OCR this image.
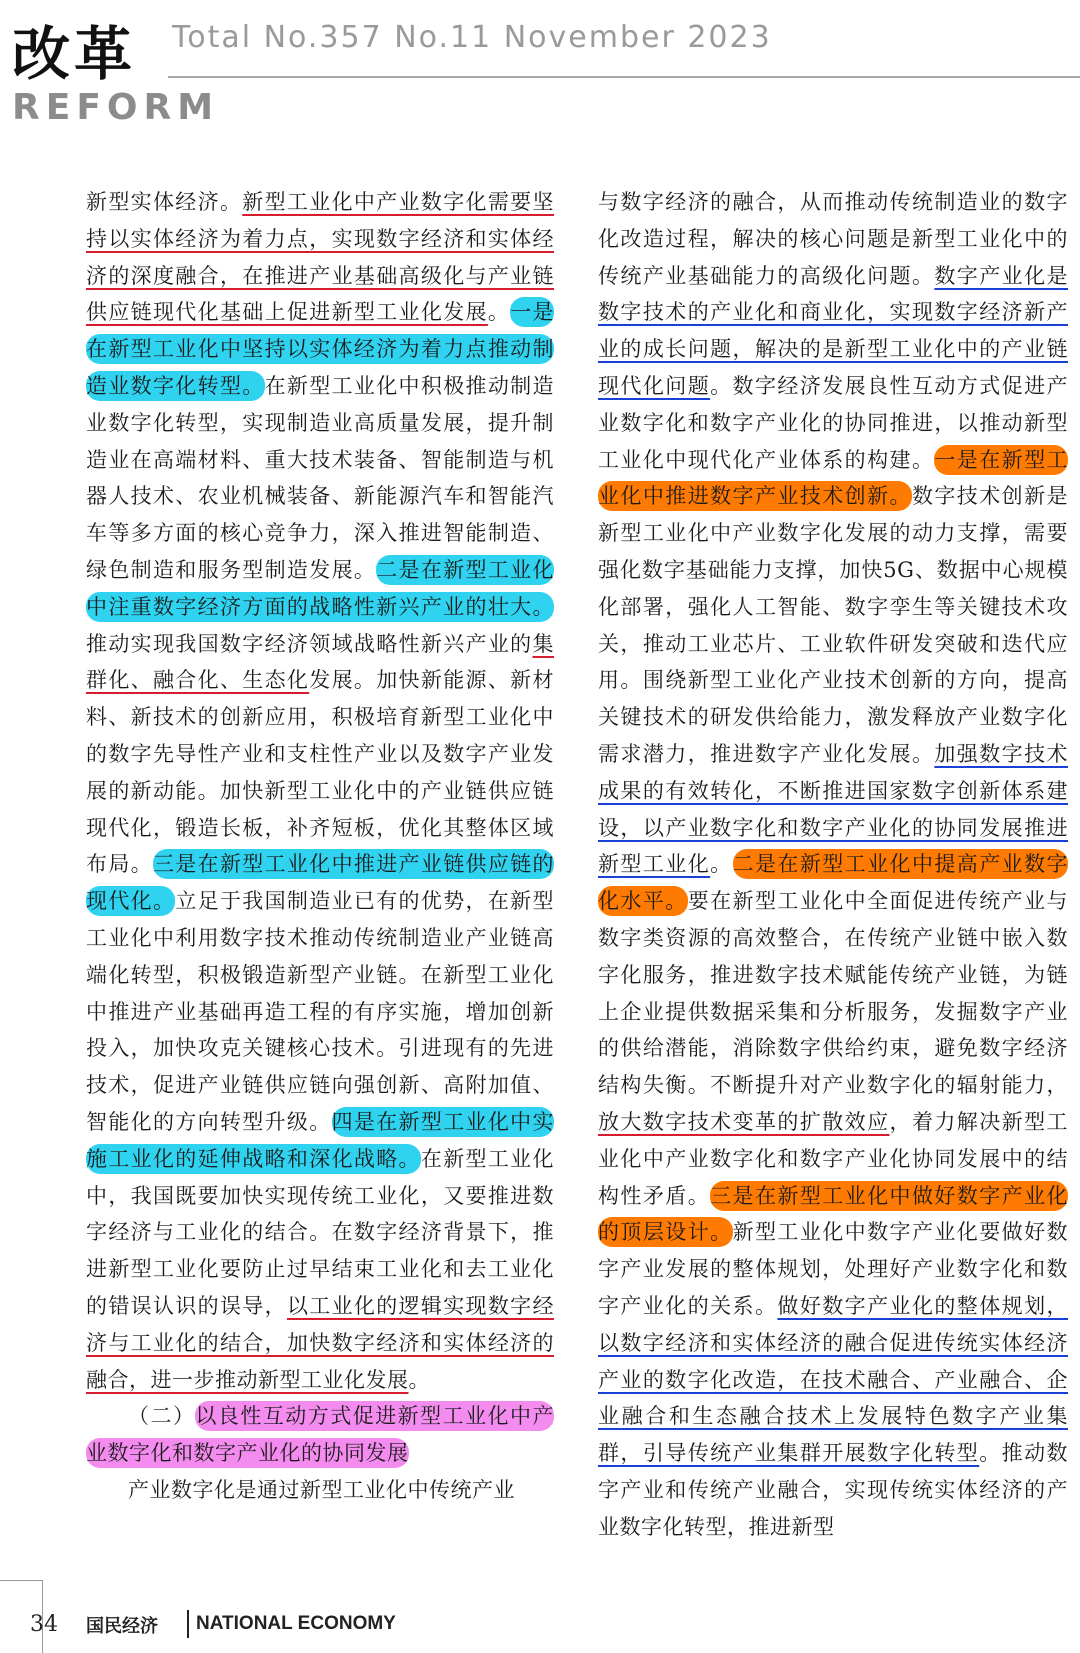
改革
REFORM
Total No.357 No.11 November 2023

新型实体经济。新型工业化中产业数字化需要坚持以实体经济为着力点，实现数字经济和实体经济的深度融合，在推进产业基础高级化与产业链供应链现代化基础上促进新型工业化发展。一是在新型工业化中坚持以实体经济为着力点推动制造业数字化转型。在新型工业化中积极推动制造业数字化转型，实现制造业高质量发展，提升制造业在高端材料、重大技术装备、智能制造与机器人技术、农业机械装备、新能源汽车和智能汽车等多方面的核心竞争力，深入推进智能制造、绿色制造和服务型制造发展。二是在新型工业化中注重数字经济方面的战略性新兴产业的壮大。推动实现我国数字经济领域战略性新兴产业的集群化、融合化、生态化发展。加快新能源、新材料、新技术的创新应用，积极培育新型工业化中的数字先导性产业和支柱性产业以及数字产业发展的新动能。加快新型工业化中的产业链供应链现代化，锻造长板，补齐短板，优化其整体区域布局。三是在新型工业化中推进产业链供应链的现代化。立足于我国制造业已有的优势，在新型工业化中利用数字技术推动传统制造业产业链高端化转型，积极锻造新型产业链。在新型工业化中推进产业基础再造工程的有序实施，增加创新投入，加快攻克关键核心技术。引进现有的先进技术，促进产业链供应链向强创新、高附加值、智能化的方向转型升级。四是在新型工业化中实施工业化的延伸战略和深化战略。在新型工业化中，我国既要加快实现传统工业化，又要推进数字经济与工业化的结合。在数字经济背景下，推进新型工业化要防止过早结束工业化和去工业化的错误认识的误导，以工业化的逻辑实现数字经济与工业化的结合，加快数字经济和实体经济的融合，进一步推动新型工业化发展。

（二）以良性互动方式促进新型工业化中产业数字化和数字产业化的协同发展

产业数字化是通过新型工业化中传统产业

与数字经济的融合，从而推动传统制造业的数字化改造过程，解决的核心问题是新型工业化中的传统产业基础能力的高级化问题。数字产业化是数字技术的产业化和商业化，实现数字经济新产业的成长问题，解决的是新型工业化中的产业链现代化问题。数字经济发展良性互动方式促进产业数字化和数字产业化的协同推进，以推动新型工业化中现代化产业体系的构建。一是在新型工业化中推进数字产业技术创新。数字技术创新是新型工业化中产业数字化发展的动力支撑，需要强化数字基础能力支撑，加快5G、数据中心规模化部署，强化人工智能、数字孪生等关键技术攻关，推动工业芯片、工业软件研发突破和迭代应用。围绕新型工业化产业技术创新的方向，提高关键技术的研发供给能力，激发释放产业数字化需求潜力，推进数字产业化发展。加强数字技术成果的有效转化，不断推进国家数字创新体系建设，以产业数字化和数字产业化的协同发展推进新型工业化。二是在新型工业化中提高产业数字化水平。要在新型工业化中全面促进传统产业与数字类资源的高效整合，在传统产业链中嵌入数字化服务，推进数字技术赋能传统产业链，为链上企业提供数据采集和分析服务，发掘数字产业的供给潜能，消除数字供给约束，避免数字经济结构失衡。不断提升对产业数字化的辐射能力，放大数字技术变革的扩散效应，着力解决新型工业化中产业数字化和数字产业化协同发展中的结构性矛盾。三是在新型工业化中做好数字产业化的顶层设计。新型工业化中数字产业化要做好数字产业发展的整体规划，处理好产业数字化和数字产业化的关系。做好数字产业化的整体规划，以数字经济和实体经济的融合促进传统实体经济产业的数字化改造，在技术融合、产业融合、企业融合和生态融合技术上发展特色数字产业集群，引导传统产业集群开展数字化转型。推动数字产业和传统产业融合，实现传统实体经济的产业数字化转型，推进新型

34 国民经济 NATIONAL ECONOMY
